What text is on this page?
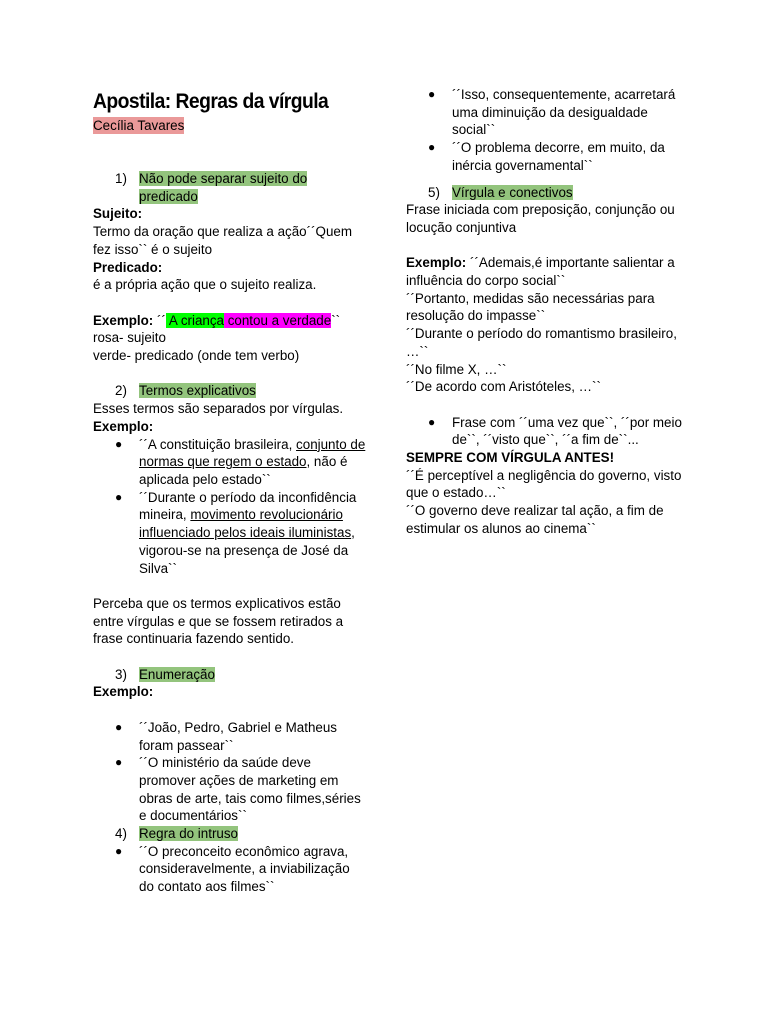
Apostila: Regras da vírgula
Cecília Tavares
1) Não pode separar sujeito do predicado

Sujeito:

Termo da oração que realiza a ação´´Quem fez isso`` é o sujeito

Predicado:

é a própria ação que o sujeito realiza.

Exemplo: ´´ A criança contou a verdade``

rosa- sujeito

verde- predicado (onde tem verbo)

2) Termos explicativos

Esses termos são separados por vírgulas.

Exemplo:

●	´´A constituição brasileira, conjunto de normas que regem o estado, não é aplicada pelo estado``
●	´´Durante o período da inconfidência mineira, movimento revolucionário influenciado pelos ideais iluministas, vigorou-se na presença de José da Silva``

Perceba que os termos explicativos estão entre vírgulas e que se fossem retirados a frase continuaria fazendo sentido.

3) Enumeração

Exemplo:

●	´´João, Pedro, Gabriel e Matheus foram passear``
●	´´O ministério da saúde deve promover ações de marketing em obras de arte, tais como filmes,séries e documentários``
4) Regra do intruso
●	´´O preconceito econômico agrava, consideravelmente, a inviabilização do contato aos filmes``
●	´´Isso, consequentemente, acarretará uma diminuição da desigualdade social``
●	´´O problema decorre, em muito, da inércia governamental``
5) Vírgula e conectivos

Frase iniciada com preposição, conjunção ou locução conjuntiva

Exemplo: ´´Ademais,é importante salientar a influência do corpo social``

´´Portanto, medidas são necessárias para resolução do impasse``

´´Durante o período do romantismo brasileiro, …``

´´No filme X, …``

´´De acordo com Aristóteles, …``

●	Frase com ´´uma vez que``, ´´por meio de``, ´´visto que``, ´´a fim de``...

SEMPRE COM VÍRGULA ANTES!

´´É perceptível a negligência do governo, visto que o estado…``

´´O governo deve realizar tal ação, a fim de estimular os alunos ao cinema``
